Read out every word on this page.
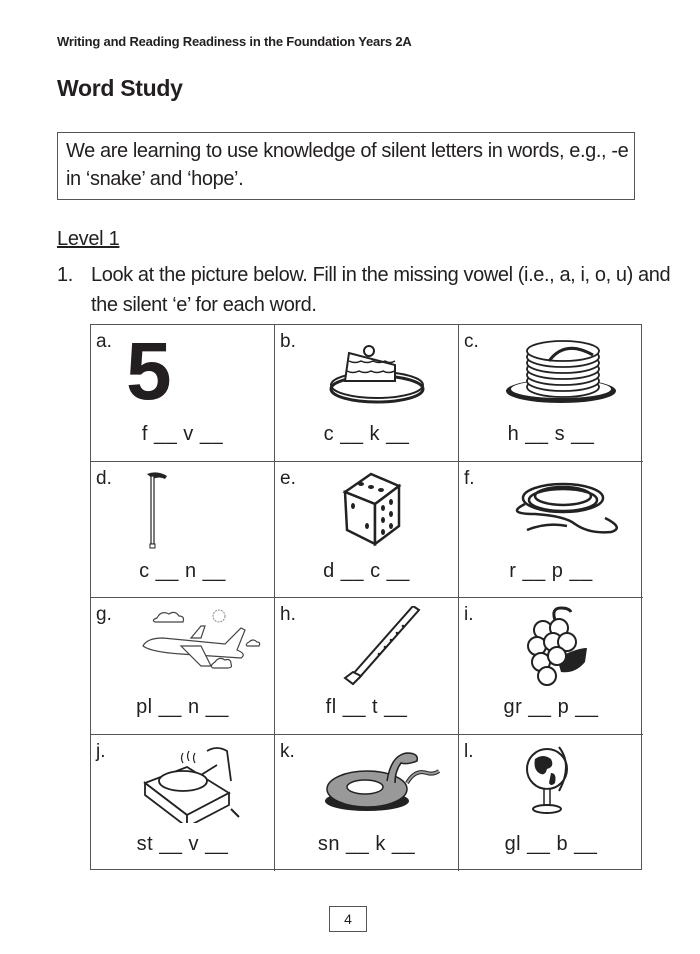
Writing and Reading Readiness in the Foundation Years 2A
Word Study
We are learning to use knowledge of silent letters in words, e.g., -e in ‘snake’ and ‘hope’.
Level 1
1. Look at the picture below. Fill in the missing vowel (i.e., a, i, o, u) and the silent ‘e’ for each word.
a. 5
f __ v __
b.
c __ k __
c.
h __ s __
d.
c __ n __
e.
d __ c __
f.
r __ p __
g.
pl __ n __
h.
fl __ t __
i.
gr __ p __
j.
st __ v __
k.
sn __ k __
l.
gl __ b __
4
